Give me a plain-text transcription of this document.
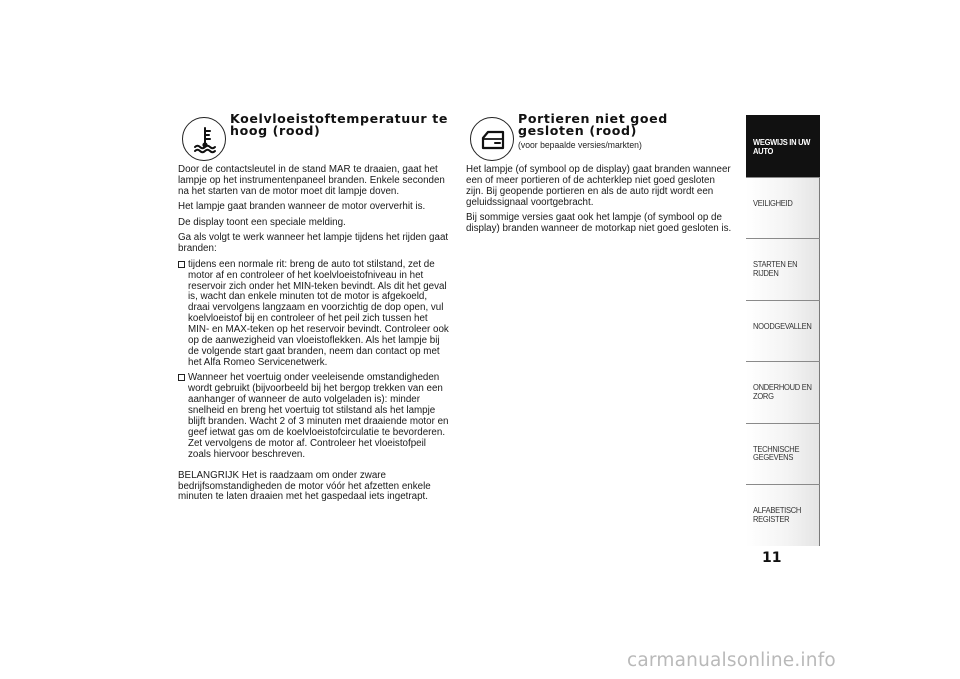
Koelvloeistoftemperatuur te hoog (rood)

Door de contactsleutel in de stand MAR te draaien, gaat het lampje op het instrumentenpaneel branden. Enkele seconden na het starten van de motor moet dit lampje doven.

Het lampje gaat branden wanneer de motor oververhit is.

De display toont een speciale melding.

Ga als volgt te werk wanneer het lampje tijdens het rijden gaat branden:

tijdens een normale rit: breng de auto tot stilstand, zet de motor af en controleer of het koelvloeistofniveau in het reservoir zich onder het MIN-teken bevindt. Als dit het geval is, wacht dan enkele minuten tot de motor is afgekoeld, draai vervolgens langzaam en voorzichtig de dop open, vul koelvloeistof bij en controleer of het peil zich tussen het MIN- en MAX-teken op het reservoir bevindt. Controleer ook op de aanwezigheid van vloeistoflekken. Als het lampje bij de volgende start gaat branden, neem dan contact op met het Alfa Romeo Servicenetwerk.
Wanneer het voertuig onder veeleisende omstandigheden wordt gebruikt (bijvoorbeeld bij het bergop trekken van een aanhanger of wanneer de auto volgeladen is): minder snelheid en breng het voertuig tot stilstand als het lampje blijft branden. Wacht 2 of 3 minuten met draaiende motor en geef ietwat gas om de koelvloeistofcirculatie te bevorderen. Zet vervolgens de motor af. Controleer het vloeistofpeil zoals hiervoor beschreven.

BELANGRIJK Het is raadzaam om onder zware bedrijfsomstandigheden de motor vóór het afzetten enkele minuten te laten draaien met het gaspedaal iets ingetrapt.

Portieren niet goed gesloten (rood)
(voor bepaalde versies/markten)

Het lampje (of symbool op de display) gaat branden wanneer een of meer portieren of de achterklep niet goed gesloten zijn. Bij geopende portieren en als de auto rijdt wordt een geluidssignaal voortgebracht.

Bij sommige versies gaat ook het lampje (of symbool op de display) branden wanneer de motorkap niet goed gesloten is.

WEGWIJS IN UW AUTO
VEILIGHEID
STARTEN EN RIJDEN
NOODGEVALLEN
ONDERHOUD EN ZORG
TECHNISCHE GEGEVENS
ALFABETISCH REGISTER
11
carmanualsonline.info
